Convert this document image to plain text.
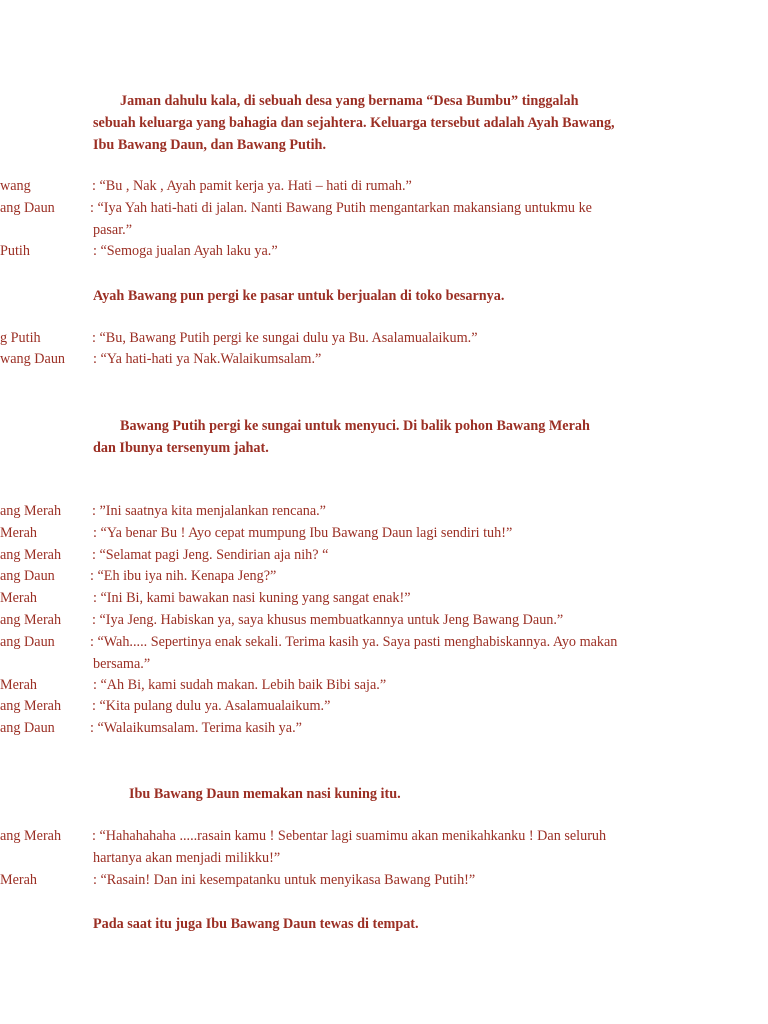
Jaman dahulu kala, di sebuah desa yang bernama “Desa Bumbu” tinggalah
sebuah keluarga yang bahagia dan sejahtera. Keluarga tersebut adalah Ayah Bawang,
Ibu Bawang Daun, dan Bawang Putih.
wang	: “Bu , Nak , Ayah pamit kerja ya. Hati – hati di rumah.”
ang Daun : “Iya Yah hati-hati di jalan. Nanti Bawang Putih mengantarkan makansiang untukmu ke
pasar.”
Putih	: “Semoga jualan Ayah laku ya.”
Ayah Bawang pun pergi ke pasar untuk berjualan di toko besarnya.
g Putih	: “Bu, Bawang Putih pergi ke sungai dulu ya Bu. Asalamualaikum.”
wang Daun : “Ya hati-hati ya Nak.Walaikumsalam.”
Bawang Putih pergi ke sungai untuk menyuci. Di balik pohon Bawang Merah
dan Ibunya tersenyum jahat.
ang Merah : ”Ini saatnya kita menjalankan rencana.”
Merah	: “Ya benar Bu ! Ayo cepat mumpung Ibu Bawang Daun lagi sendiri tuh!”
ang Merah : “Selamat pagi Jeng. Sendirian aja nih? “
ang Daun : “Eh ibu iya nih. Kenapa Jeng?”
Merah	: “Ini Bi, kami bawakan nasi kuning yang sangat enak!”
ang Merah : “Iya Jeng. Habiskan ya, saya khusus membuatkannya untuk Jeng Bawang Daun.”
ang Daun : “Wah..... Sepertinya enak sekali. Terima kasih ya. Saya pasti menghabiskannya. Ayo makan
bersama.”
Merah	: “Ah Bi, kami sudah makan. Lebih baik Bibi saja.”
ang Merah : “Kita pulang dulu ya. Asalamualaikum.”
ang Daun : “Walaikumsalam. Terima kasih ya.”
Ibu Bawang Daun memakan nasi kuning itu.
ang Merah : “Hahahahaha .....rasain kamu ! Sebentar lagi suamimu akan menikahkanku ! Dan seluruh
hartanya akan menjadi milikku!”
Merah	: “Rasain! Dan ini kesempatanku untuk menyikasa Bawang Putih!”
Pada saat itu juga Ibu Bawang Daun tewas di tempat.
